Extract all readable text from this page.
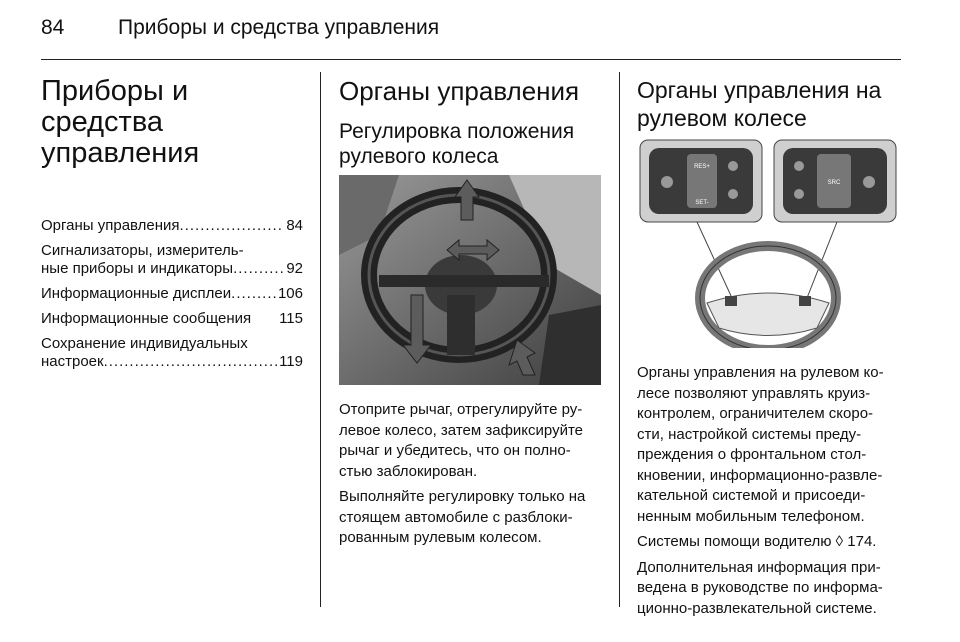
84	Приборы и средства управления
Приборы и средства
управления
Органы управления .....	84
Сигнализаторы, измеритель-
ные приборы и индикаторы .....	92
Информационные дисплеи .....	106
Информационные сообщения 115
Сохранение индивидуальных
настроек .....	119
Органы управления
Регулировка положения
рулевого колеса
Отоприте рычаг, отрегулируйте ру-
левое колесо, затем зафиксируйте
рычаг и убедитесь, что он полно-
стью заблокирован.
Выполняйте регулировку только на
стоящем автомобиле с разблоки-
рованным рулевым колесом.
Органы управления на
рулевом колесе
RES+
SET-
SRC
Органы управления на рулевом ко-
лесе позволяют управлять круиз-
контролем, ограничителем скоро-
сти, настройкой системы преду-
преждения о фронтальном стол-
кновении, информационно-развле-
кательной системой и присоеди-
ненным мобильным телефоном.
Системы помощи водителю ◊ 174.
Дополнительная информация при-
ведена в руководстве по информа-
ционно-развлекательной системе.
